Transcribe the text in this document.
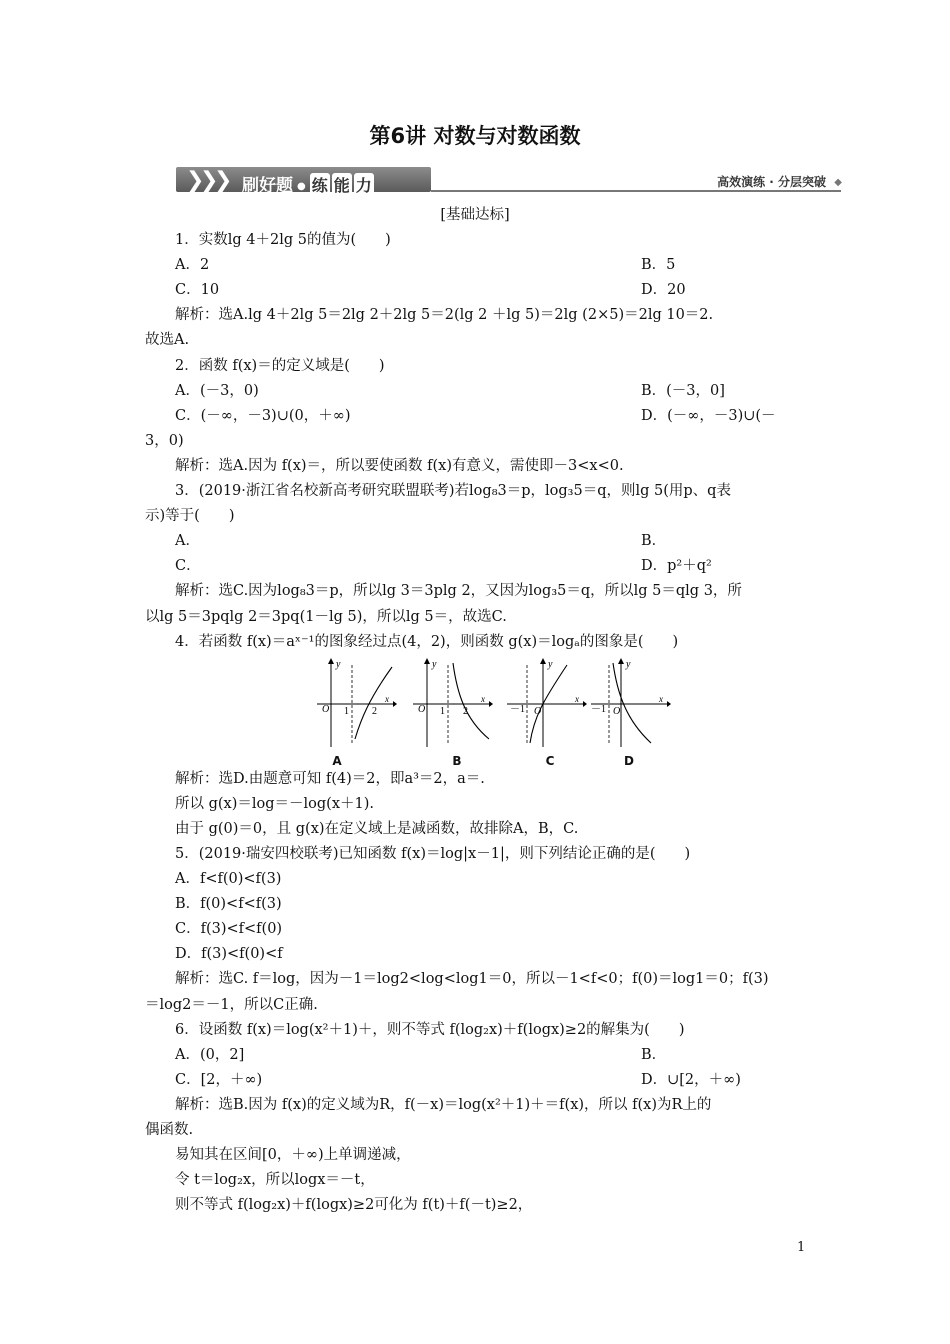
第6讲 对数与对数函数
❯
❯
❯ 刷好题 ● 练 能 力	高效演练 · 分层突破 ◆
[基础达标]
1．实数lg 4＋2lg 5的值为(　　)
A．2	B．5
C．10	D．20
解析：选A.lg 4＋2lg 5＝2lg 2＋2lg 5＝2(lg 2 ＋lg 5)＝2lg (2×5)＝2lg 10＝2.
故选A.
2．函数 f(x)＝的定义域是(　　)
A．(－3，0)	B．(－3，0]
C．(－∞，－3)∪(0，＋∞)	D．(－∞，－3)∪(－
3，0)
解析：选A.因为 f(x)＝，所以要使函数 f(x)有意义，需使即－3<x<0.
3．(2019·浙江省名校新高考研究联盟联考)若log₈3＝p，log₃5＝q，则lg 5(用p、q表
示)等于(　　)
A．	B．
C．	D．p²＋q²
解析：选C.因为log₈3＝p，所以lg 3＝3plg 2，又因为log₃5＝q，所以lg 5＝qlg 3，所
以lg 5＝3pqlg 2＝3pq(1－lg 5)，所以lg 5＝，故选C.
4．若函数 f(x)＝aˣ⁻¹的图象经过点(4，2)，则函数 g(x)＝logₐ的图象是(　　)
y
O 1 2
x
y
O 1 2
x
y
－1 O
x
y
－1 O
x
A	B	C	D
解析：选D.由题意可知 f(4)＝2，即a³＝2，a＝.
所以 g(x)＝log＝－log(x＋1).
由于 g(0)＝0，且 g(x)在定义域上是减函数，故排除A，B，C.
5．(2019·瑞安四校联考)已知函数 f(x)＝log|x－1|，则下列结论正确的是(　　)
A．f<f(0)<f(3)
B．f(0)<f<f(3)
C．f(3)<f<f(0)
D．f(3)<f(0)<f
解析：选C. f＝log，因为－1＝log2<log<log1＝0，所以－1<f<0；f(0)＝log1＝0；f(3)
＝log2＝－1，所以C正确.
6．设函数 f(x)＝log(x²＋1)＋，则不等式 f(log₂x)＋f(logx)≥2的解集为(　　)
A．(0，2]	B．
C．[2，＋∞)	D．∪[2，＋∞)
解析：选B.因为 f(x)的定义域为R，f(－x)＝log(x²＋1)＋＝f(x)，所以 f(x)为R上的
偶函数.
易知其在区间[0，＋∞)上单调递减，
令 t＝log₂x，所以logx＝－t，
则不等式 f(log₂x)＋f(logx)≥2可化为 f(t)＋f(－t)≥2，
1
